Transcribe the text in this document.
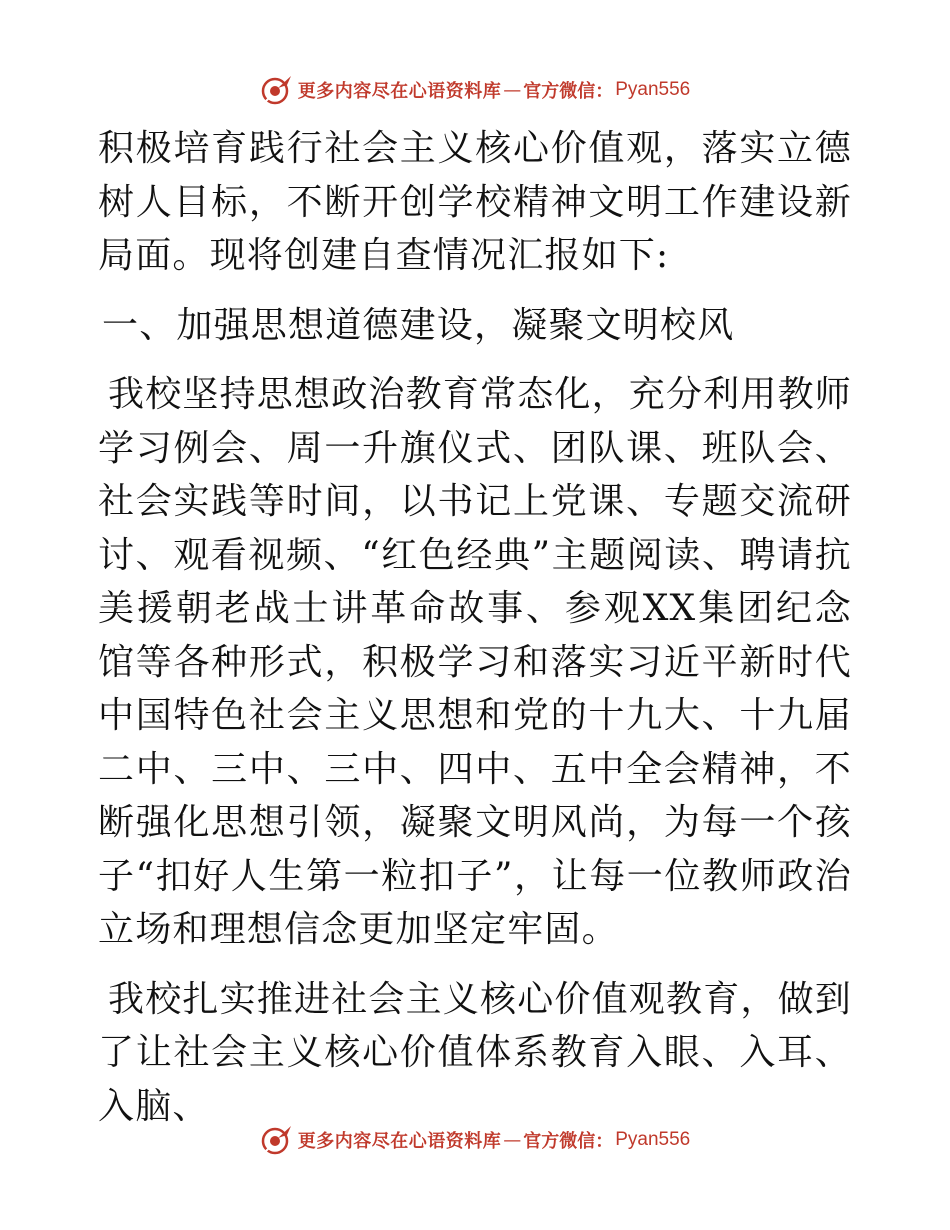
更多内容尽在心语资料库 — 官方微信： Pyan556

积极培育践行社会主义核心价值观，落实立德树人目标，不断开创学校精神文明工作建设新局面。现将创建自查情况汇报如下:

一、加强思想道德建设，凝聚文明校风

我校坚持思想政治教育常态化，充分利用教师学习例会、周一升旗仪式、团队课、班队会、社会实践等时间，以书记上党课、专题交流研讨、观看视频、“红色经典”主题阅读、聘请抗美援朝老战士讲革命故事、参观XX集团纪念馆等各种形式，积极学习和落实习近平新时代中国特色社会主义思想和党的十九大、十九届二中、三中、三中、四中、五中全会精神，不断强化思想引领，凝聚文明风尚，为每一个孩子“扣好人生第一粒扣子”，让每一位教师政治立场和理想信念更加坚定牢固。

我校扎实推进社会主义核心价值观教育，做到了让社会主义核心价值体系教育入眼、入耳、入脑、

更多内容尽在心语资料库 — 官方微信： Pyan556
